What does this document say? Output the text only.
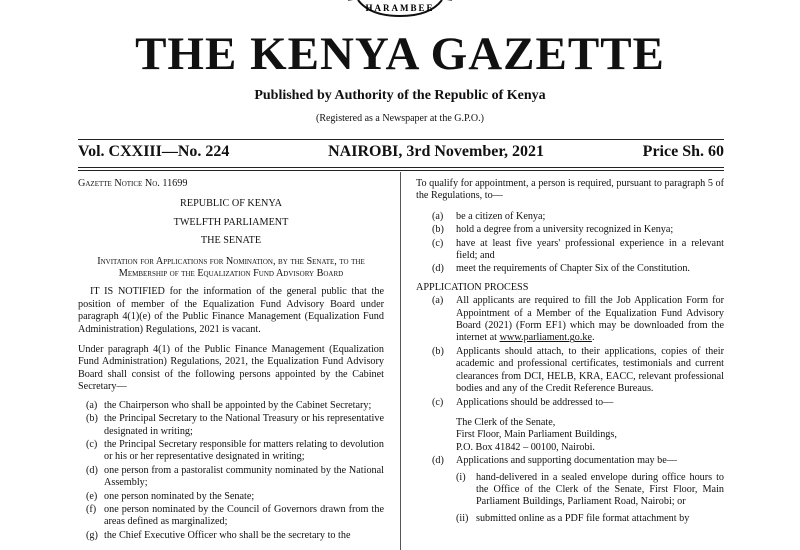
HARAMBEE
THE KENYA GAZETTE
Published by Authority of the Republic of Kenya
(Registered as a Newspaper at the G.P.O.)
Vol. CXXIII—No. 224	NAIROBI, 3rd November, 2021	Price Sh. 60
Gazette Notice No. 11699
REPUBLIC OF KENYA
TWELFTH PARLIAMENT
THE SENATE
Invitation for Applications for Nomination, by the Senate, to the Membership of the Equalization Fund Advisory Board
IT IS NOTIFIED for the information of the general public that the position of member of the Equalization Fund Advisory Board under paragraph 4(1)(e) of the Public Finance Management (Equalization Fund Administration) Regulations, 2021 is vacant.
Under paragraph 4(1) of the Public Finance Management (Equalization Fund Administration) Regulations, 2021, the Equalization Fund Advisory Board shall consist of the following persons appointed by the Cabinet Secretary—
(a) the Chairperson who shall be appointed by the Cabinet Secretary;
(b) the Principal Secretary to the National Treasury or his representative designated in writing;
(c) the Principal Secretary responsible for matters relating to devolution or his or her representative designated in writing;
(d) one person from a pastoralist community nominated by the National Assembly;
(e) one person nominated by the Senate;
(f) one person nominated by the Council of Governors drawn from the areas defined as marginalized;
(g) the Chief Executive Officer who shall be the secretary to the
To qualify for appointment, a person is required, pursuant to paragraph 5 of the Regulations, to—
(a)	be a citizen of Kenya;
(b)	hold a degree from a university recognized in Kenya;
(c)	have at least five years' professional experience in a relevant field; and
(d)	meet the requirements of Chapter Six of the Constitution.
APPLICATION PROCESS
(a)	All applicants are required to fill the Job Application Form for Appointment of a Member of the Equalization Fund Advisory Board (2021) (Form EF1) which may be downloaded from the internet at www.parliament.go.ke.
(b)	Applicants should attach, to their applications, copies of their academic and professional certificates, testimonials and current clearances from DCI, HELB, KRA, EACC, relevant professional bodies and any of the Credit Reference Bureaus.
(c)	Applications should be addressed to—
The Clerk of the Senate,
First Floor, Main Parliament Buildings,
P.O. Box 41842 – 00100, Nairobi.
(d)	Applications and supporting documentation may be—
(i)	hand-delivered in a sealed envelope during office hours to the Office of the Clerk of the Senate, First Floor, Main Parliament Buildings, Parliament Road, Nairobi; or
(ii) submitted online as a PDF file format attachment by
